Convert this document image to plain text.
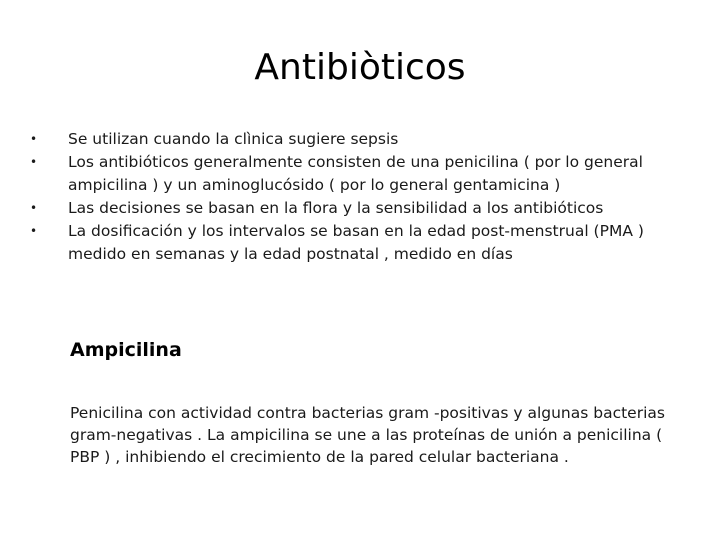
Antibiòticos
• Se utilizan cuando la clìnica sugiere sepsis
• Los antibióticos generalmente consisten de una penicilina ( por lo general ampicilina ) y un aminoglucósido ( por lo general gentamicina )
• Las decisiones se basan en la flora y la sensibilidad a los antibióticos
• La dosificación y los intervalos se basan en la edad post-menstrual (PMA ) medido en semanas y la edad postnatal , medido en días
Ampicilina

Penicilina con actividad contra bacterias gram -positivas y algunas bacterias gram-negativas . La ampicilina se une a las proteínas de unión a penicilina ( PBP ) , inhibiendo el crecimiento de la pared celular bacteriana .
